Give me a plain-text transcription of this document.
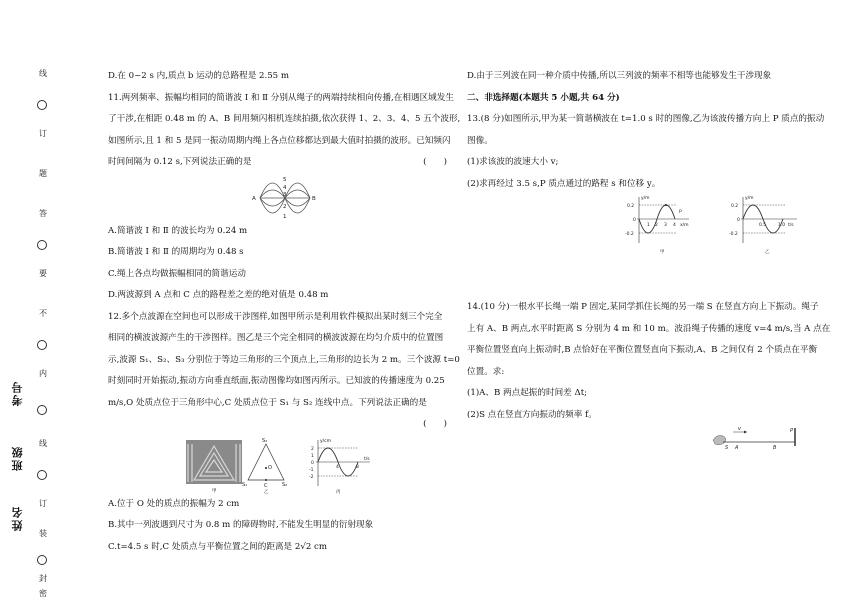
线
订
题
答
要
不
内
线
订
装
封
密
考号
班级
姓名

D.在 0~2 s 内,质点 b 运动的总路程是 2.55 m

11.两列频率、振幅均相同的简谐波 Ⅰ 和 Ⅱ 分别从绳子的两端持续相向传播,在相遇区域发生

了干涉,在相距 0.48 m 的 A、B 间用频闪相机连续拍摄,依次获得 1、2、3、4、5 五个波形,

如图所示,且 1 和 5 是同一振动周期内绳上各点位移都达到最大值时拍摄的波形。已知频闪

时间间隔为 0.12 s,下列说法正确的是	(　　)

5
4
3
2
1
A	B

A.简谐波 Ⅰ 和 Ⅱ 的波长均为 0.24 m

B.简谐波 Ⅰ 和 Ⅱ 的周期均为 0.48 s

C.绳上各点均做振幅相同的简谐运动

D.两波源到 A 点和 C 点的路程差之差的绝对值是 0.48 m

12.多个点波源在空间也可以形成干涉图样,如图甲所示是利用软件模拟出某时刻三个完全

相同的横波波源产生的干涉图样。图乙是三个完全相同的横波波源在均匀介质中的位置图

示,波源 S₁、S₂、S₃ 分别位于等边三角形的三个顶点上,三角形的边长为 2 m。三个波源 t=0

时刻同时开始振动,振动方向垂直纸面,振动图像均如图丙所示。已知波的传播速度为 0.25

m/s,O 处质点位于三角形中心,C 处质点位于 S₁ 与 S₂ 连线中点。下列说法正确的是
(　　)

甲
S₃
O
S₁	C	S₂
乙
y/cm
2
1
0
-1
-2
t/s
4	8
丙

A.位于 O 处的质点的振幅为 2 cm

B.其中一列波遇到尺寸为 0.8 m 的障碍物时,不能发生明显的衍射现象

C.t=4.5 s 时,C 处质点与平衡位置之间的距离是 2√2 cm

D.由于三列波在同一种介质中传播,所以三列波的频率不相等也能够发生干涉现象

二、非选择题(本题共 5 小题,共 64 分)

13.(8 分)如图所示,甲为某一简谐横波在 t=1.0 s 时的图像,乙为该波传播方向上 P 质点的振动

图像。

(1)求该波的波速大小 v;

(2)求再经过 3.5 s,P 质点通过的路程 s 和位移 y。

y/m
0.2
0
-0.2
1 2 3 4 x/m
P
甲
y/m
0.2
0
-0.2
0.5	1.0 t/s
乙

14.(10 分)一根水平长绳一端 P 固定,某同学抓住长绳的另一端 S 在竖直方向上下振动。绳子

上有 A、B 两点,水平时距离 S 分别为 4 m 和 10 m。波沿绳子传播的速度 v=4 m/s,当 A 点在

平衡位置竖直向上振动时,B 点恰好在平衡位置竖直向下振动,A、B 之间仅有 2 个质点在平衡

位置。求:

(1)A、B 两点起振的时间差 Δt;

(2)S 点在竖直方向振动的频率 f。

v
S A	B
P
